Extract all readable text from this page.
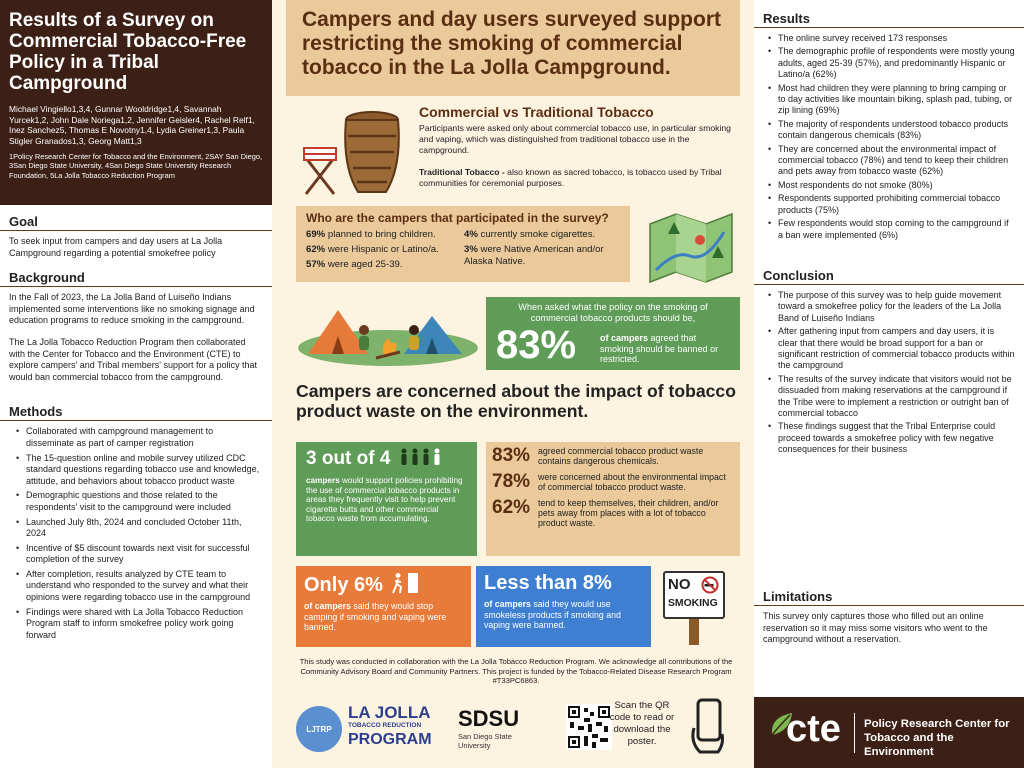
Results of a Survey on Commercial Tobacco-Free Policy in a Tribal Campground

Michael Vingiello1,3,4, Gunnar Wooldridge1,4, Savannah Yurcek1,2, John Dale Noriega1,2, Jennifer Geisler4, Rachel Relf1, Inez Sanchez5, Thomas E Novotny1,4, Lydia Greiner1,3, Paula Stigler Granados1,3, Georg Matt1,3

1Policy Research Center for Tobacco and the Environment, 2SAY San Diego, 3San Diego State University, 4San Diego State University Research Foundation, 5La Jolla Tobacco Reduction Program

Goal

To seek input from campers and day users at La Jolla Campground regarding a potential smokefree policy

Background

In the Fall of 2023, the La Jolla Band of Luiseño Indians implemented some interventions like no smoking signage and education programs to reduce smoking in the campground.

The La Jolla Tobacco Reduction Program then collaborated with the Center for Tobacco and the Environment (CTE) to explore campers' and Tribal members' support for a policy that would ban commercial tobacco from the campground.

Methods
• Collaborated with campground management to disseminate as part of camper registration
• The 15-question online and mobile survey utilized CDC standard questions regarding tobacco use and knowledge, attitude, and behaviors about tobacco product waste
• Demographic questions and those related to the respondents' visit to the campground were included
• Launched July 8th, 2024 and concluded October 11th, 2024
• Incentive of $5 discount towards next visit for successful completion of the survey
• After completion, results analyzed by CTE team to understand who responded to the survey and what their opinions were regarding tobacco use in the campground
• Findings were shared with La Jolla Tobacco Reduction Program staff to inform smokefree policy work going forward
Campers and day users surveyed support restricting the smoking of commercial tobacco in the La Jolla Campground.
Commercial vs Traditional Tobacco

Participants were asked only about commercial tobacco use, in particular smoking and vaping, which was distinguished from traditional tobacco use in the campground.

Traditional Tobacco - also known as sacred tobacco, is tobacco used by Tribal communities for ceremonial purposes.

Who are the campers that participated in the survey?
69% planned to bring children.	4% currently smoke cigarettes.
62% were Hispanic or Latino/a.	3% were Native American and/or Alaska Native.
57% were aged 25-39.

When asked what the policy on the smoking of commercial tobacco products should be,

83%	of campers agreed that smoking should be banned or restricted.

Campers are concerned about the impact of tobacco product waste on the environment.
3 out of 4

campers would support policies prohibiting the use of commercial tobacco products in areas they frequently visit to help prevent cigarette butts and other commercial tobacco waste from accumulating.

83% agreed commercial tobacco product waste contains dangerous chemicals.
78% were concerned about the environmental impact of commercial tobacco product waste.
62% tend to keep themselves, their children, and/or pets away from places with a lot of tobacco product waste.
Only 6%

of campers said they would stop camping if smoking and vaping were banned.

Less than 8%

of campers said they would use smokeless products if smoking and vaping were banned.

NO
SMOKING

This study was conducted in collaboration with the La Jolla Tobacco Reduction Program. We acknowledge all contributions of the Community Advisory Board and Community Partners. This project is funded by the Tobacco-Related Disease Research Program #T33PC6863.

LJTRP
LA JOLLA
TOBACCO REDUCTION
PROGRAM
SDSU
San Diego State University

Scan the QR code to read or download the poster.

Results
• The online survey received 173 responses
• The demographic profile of respondents were mostly young adults, aged 25-39 (57%), and predominantly Hispanic or Latino/a (62%)
• Most had children they were planning to bring camping or to day activities like mountain biking, splash pad, tubing, or zip lining (69%)
• The majority of respondents understood tobacco products contain dangerous chemicals (83%)
• They are concerned about the environmental impact of commercial tobacco (78%) and tend to keep their children and pets away from tobacco waste (62%)
• Most respondents do not smoke (80%)
• Respondents supported prohibiting commercial tobacco products (75%)
• Few respondents would stop coming to the campground if a ban were implemented (6%)
Conclusion
• The purpose of this survey was to help guide movement toward a smokefree policy for the leaders of the La Jolla Band of Luiseño Indians
• After gathering input from campers and day users, it is clear that there would be broad support for a ban or significant restriction of commercial tobacco products within the campground
• The results of the survey indicate that visitors would not be dissuaded from making reservations at the campground if the Tribe were to implement a restriction or outright ban of commercial tobacco
• These findings suggest that the Tribal Enterprise could proceed towards a smokefree policy with few negative consequences for their business
Limitations

This survey only captures those who filled out an online reservation so it may miss some visitors who went to the campground without a reservation.

cte Policy Research Center for
Tobacco and the Environment
